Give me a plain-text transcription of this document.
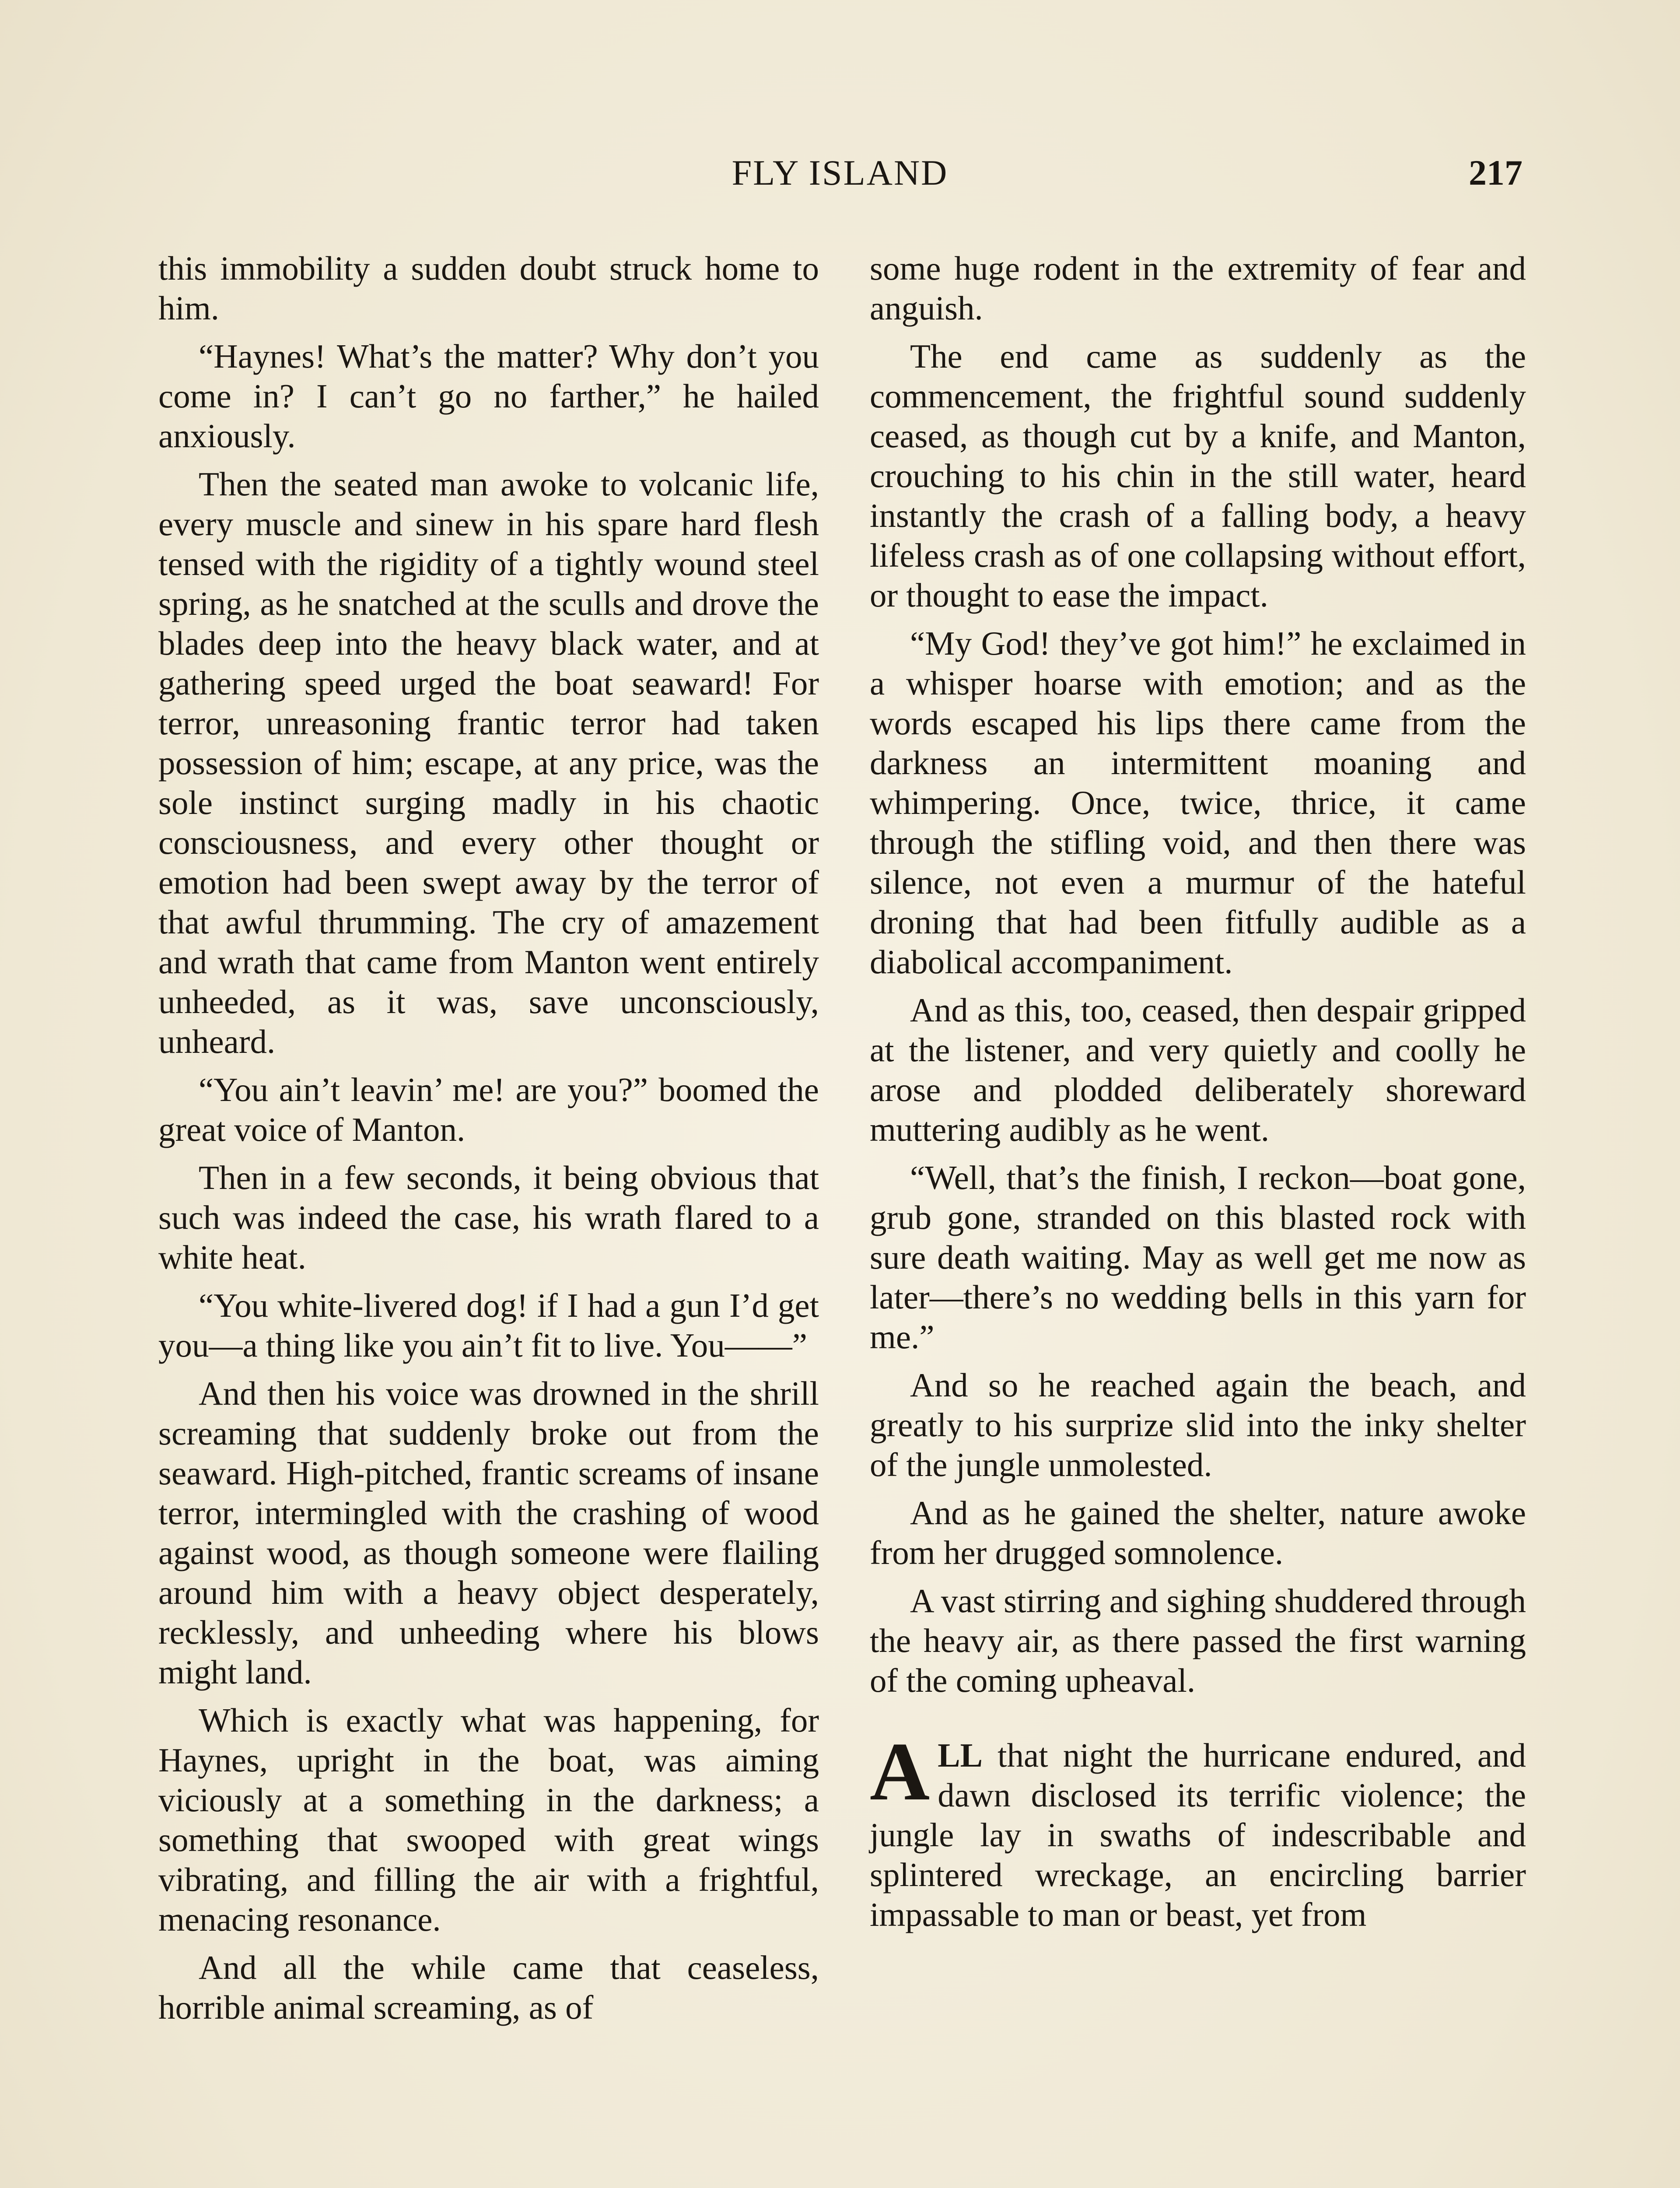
FLY ISLAND	217

this immobility a sudden doubt struck home to him.

“Haynes! What’s the matter? Why don’t you come in? I can’t go no farther,” he hailed anxiously.

Then the seated man awoke to volcanic life, every muscle and sinew in his spare hard flesh tensed with the rigidity of a tightly wound steel spring, as he snatched at the sculls and drove the blades deep into the heavy black water, and at gathering speed urged the boat seaward! For terror, unreasoning frantic terror had taken possession of him; escape, at any price, was the sole instinct surging madly in his chaotic consciousness, and every other thought or emotion had been swept away by the terror of that awful thrumming. The cry of amazement and wrath that came from Manton went entirely unheeded, as it was, save unconsciously, unheard.

“You ain’t leavin’ me! are you?” boomed the great voice of Manton.

Then in a few seconds, it being obvious that such was indeed the case, his wrath flared to a white heat.

“You white-livered dog! if I had a gun I’d get you—a thing like you ain’t fit to live. You——”

And then his voice was drowned in the shrill screaming that suddenly broke out from the seaward. High-pitched, frantic screams of insane terror, intermingled with the crashing of wood against wood, as though someone were flailing around him with a heavy object desperately, recklessly, and unheeding where his blows might land.

Which is exactly what was happening, for Haynes, upright in the boat, was aiming viciously at a something in the darkness; a something that swooped with great wings vibrating, and filling the air with a frightful, menacing resonance.

And all the while came that ceaseless, horrible animal screaming, as of

some huge rodent in the extremity of fear and anguish.

The end came as suddenly as the commencement, the frightful sound suddenly ceased, as though cut by a knife, and Manton, crouching to his chin in the still water, heard instantly the crash of a falling body, a heavy lifeless crash as of one collapsing without effort, or thought to ease the impact.

“My God! they’ve got him!” he exclaimed in a whisper hoarse with emotion; and as the words escaped his lips there came from the darkness an intermittent moaning and whimpering. Once, twice, thrice, it came through the stifling void, and then there was silence, not even a murmur of the hateful droning that had been fitfully audible as a diabolical accompaniment.

And as this, too, ceased, then despair gripped at the listener, and very quietly and coolly he arose and plodded deliberately shoreward muttering audibly as he went.

“Well, that’s the finish, I reckon—boat gone, grub gone, stranded on this blasted rock with sure death waiting. May as well get me now as later—there’s no wedding bells in this yarn for me.”

And so he reached again the beach, and greatly to his surprize slid into the inky shelter of the jungle unmolested.

And as he gained the shelter, nature awoke from her drugged somnolence.

A vast stirring and sighing shuddered through the heavy air, as there passed the first warning of the coming upheaval.

ALL that night the hurricane endured, and dawn disclosed its terrific violence; the jungle lay in swaths of indescribable and splintered wreckage, an encircling barrier impassable to man or beast, yet from
